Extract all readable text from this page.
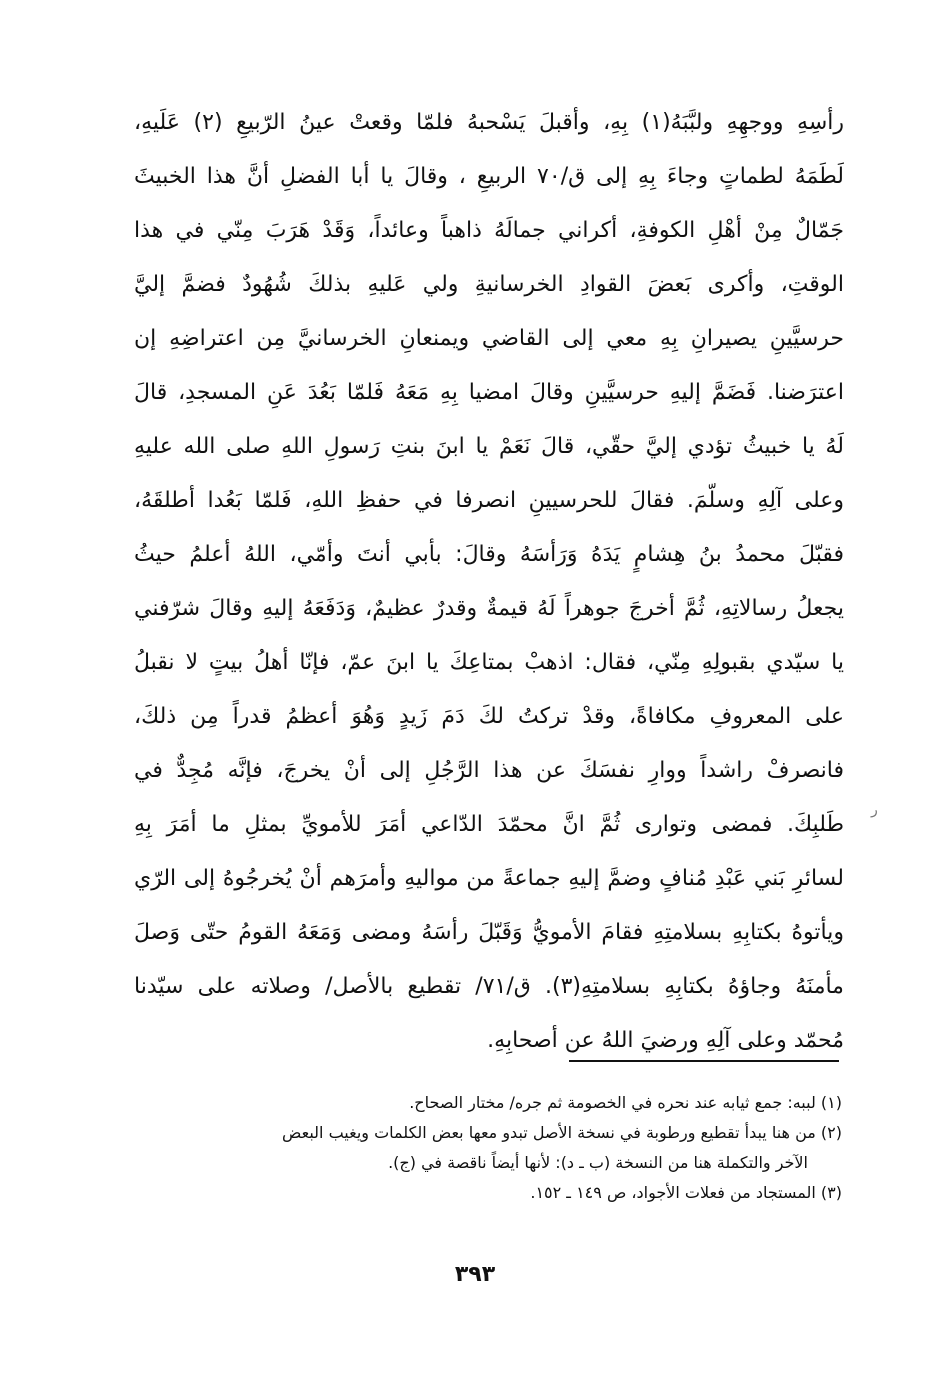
رأسِهِ ووجهِهِ ولبَّبَهُ(١) بِهِ، وأقبلَ يَسْحبهُ فلمّا وقعتْ عينُ الرّبيعِ (٢) عَلَيهِ،
لَطَمَهُ لطماتٍ وجاءَ بِهِ إلى ق/٧٠ الربيعِ ، وقالَ يا أبا الفضلِ أنَّ هذا الخبيثَ
جَمّالٌ مِنْ أهْلِ الكوفةِ، أكراني جمالَهُ ذاهباً وعائداً، وَقَدْ هَرَبَ مِنّي في هذا
الوقتِ، وأكرى بَعضَ القوادِ الخرسانيةِ ولي عَليهِ بذلكَ شُهُودٌ فضمَّ إليَّ
حرسيَّينِ يصيرانِ بِهِ معي إلى القاضي ويمنعانِ الخرسانيَّ مِن اعتراضِهِ إن
اعترَضنا. فَضَمَّ إليهِ حرسيَّينِ وقالَ امضيا بِهِ مَعَهُ فَلمّا بَعُدَ عَنِ المسجدِ، قالَ
لَهُ يا خبيثُ تؤدي إليَّ حقّي، قالَ نَعَمْ يا ابنَ بنتِ رَسولِ اللهِ صلى الله عليهِ
وعلى آلِهِ وسلّمَ. فقالَ للحرسيينِ انصرفا في حفظِ اللهِ، فَلمّا بَعُدا أطلقَهُ،
فقبّلَ محمدُ بنُ هِشامٍ يَدَهُ وَرَأسَهُ وقالَ: بأبي أنتَ وأمّي، اللهُ أعلمُ حيثُ
يجعلُ رسالاتِهِ، ثُمَّ أخرجَ جوهراً لَهُ قيمةٌ وقدرٌ عظيمٌ، وَدَفَعَهُ إليهِ وقالَ شرّفني
يا سيّدي بقبولِهِ مِنّي، فقال: اذهبْ بمتاعِكَ يا ابنَ عمّ، فإنّا أهلُ بيتٍ لا نقبلُ
على المعروفِ مكافاةً، وقدْ تركتُ لكَ دَمَ زَيدٍ وَهُوَ أعظمُ قدراً مِن ذلكَ،
فانصرفْ راشداً ووارِ نفسَكَ عن هذا الرَّجُلِ إلى أنْ يخرجَ، فإنَّه مُجِدٌّ في
طَلبِكَ. فمضى وتوارى ثُمَّ انَّ محمّدَ الدّاعي أمَرَ للأمويِّ بمثلِ ما أمَرَ بِهِ
لسائرِ بَني عَبْدِ مُنافٍ وضمَّ إليهِ جماعةً من مواليهِ وأمرَهم أنْ يُخرجُوهُ إلى الرّي
ويأتوهُ بكتابِهِ بسلامتِهِ فقامَ الأمويُّ وَقَبّلَ رأسَهُ ومضى وَمَعَهُ القومُ حتّى وَصلَ
مأمنَهُ وجاؤهُ بكتابِهِ بسلامتِهِ(٣). ق/٧١/ تقطيع بالأصل/ وصلاته على سيّدنا
مُحمّد وعلى آلِهِ ورضيَ اللهُ عن أصحابِهِ.
ر
(١) لببه: جمع ثيابه عند نحره في الخصومة ثم جره/ مختار الصحاح.
(٢) من هنا يبدأ تقطيع ورطوبة في نسخة الأصل تبدو معها بعض الكلمات ويغيب البعض
الآخر والتكملة هنا من النسخة (ب ـ د): لأنها أيضاً ناقصة في (ج).
(٣) المستجاد من فعلات الأجواد، ص ١٤٩ ـ ١٥٢.
٣٩٣
